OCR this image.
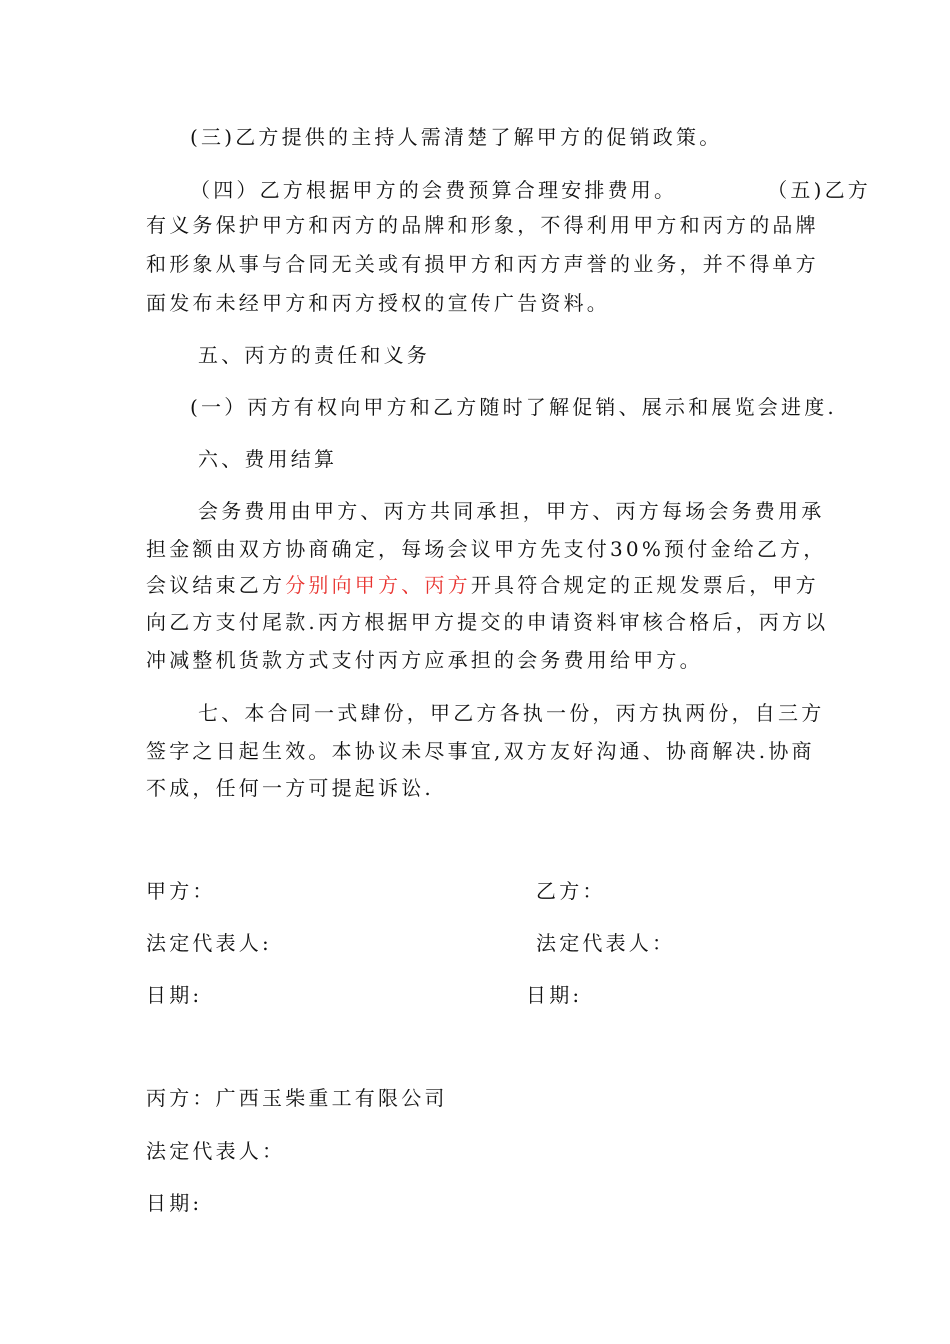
(三)乙方提供的主持人需清楚了解甲方的促销政策。
（四）乙方根据甲方的会费预算合理安排费用。	（五)乙方
有义务保护甲方和丙方的品牌和形象，不得利用甲方和丙方的品牌
和形象从事与合同无关或有损甲方和丙方声誉的业务，并不得单方
面发布未经甲方和丙方授权的宣传广告资料。
五、丙方的责任和义务
(一）丙方有权向甲方和乙方随时了解促销、展示和展览会进度.
六、费用结算
会务费用由甲方、丙方共同承担，甲方、丙方每场会务费用承
担金额由双方协商确定，每场会议甲方先支付30%预付金给乙方，
会议结束乙方分别向甲方、丙方开具符合规定的正规发票后，甲方
向乙方支付尾款.丙方根据甲方提交的申请资料审核合格后，丙方以
冲减整机货款方式支付丙方应承担的会务费用给甲方。
七、本合同一式肆份，甲乙方各执一份，丙方执两份，自三方
签字之日起生效。本协议未尽事宜,双方友好沟通、协商解决.协商
不成，任何一方可提起诉讼.
甲方：	乙方：
法定代表人:	法定代表人：
日期:	日期:
丙方：广西玉柴重工有限公司
法定代表人：
日期:
